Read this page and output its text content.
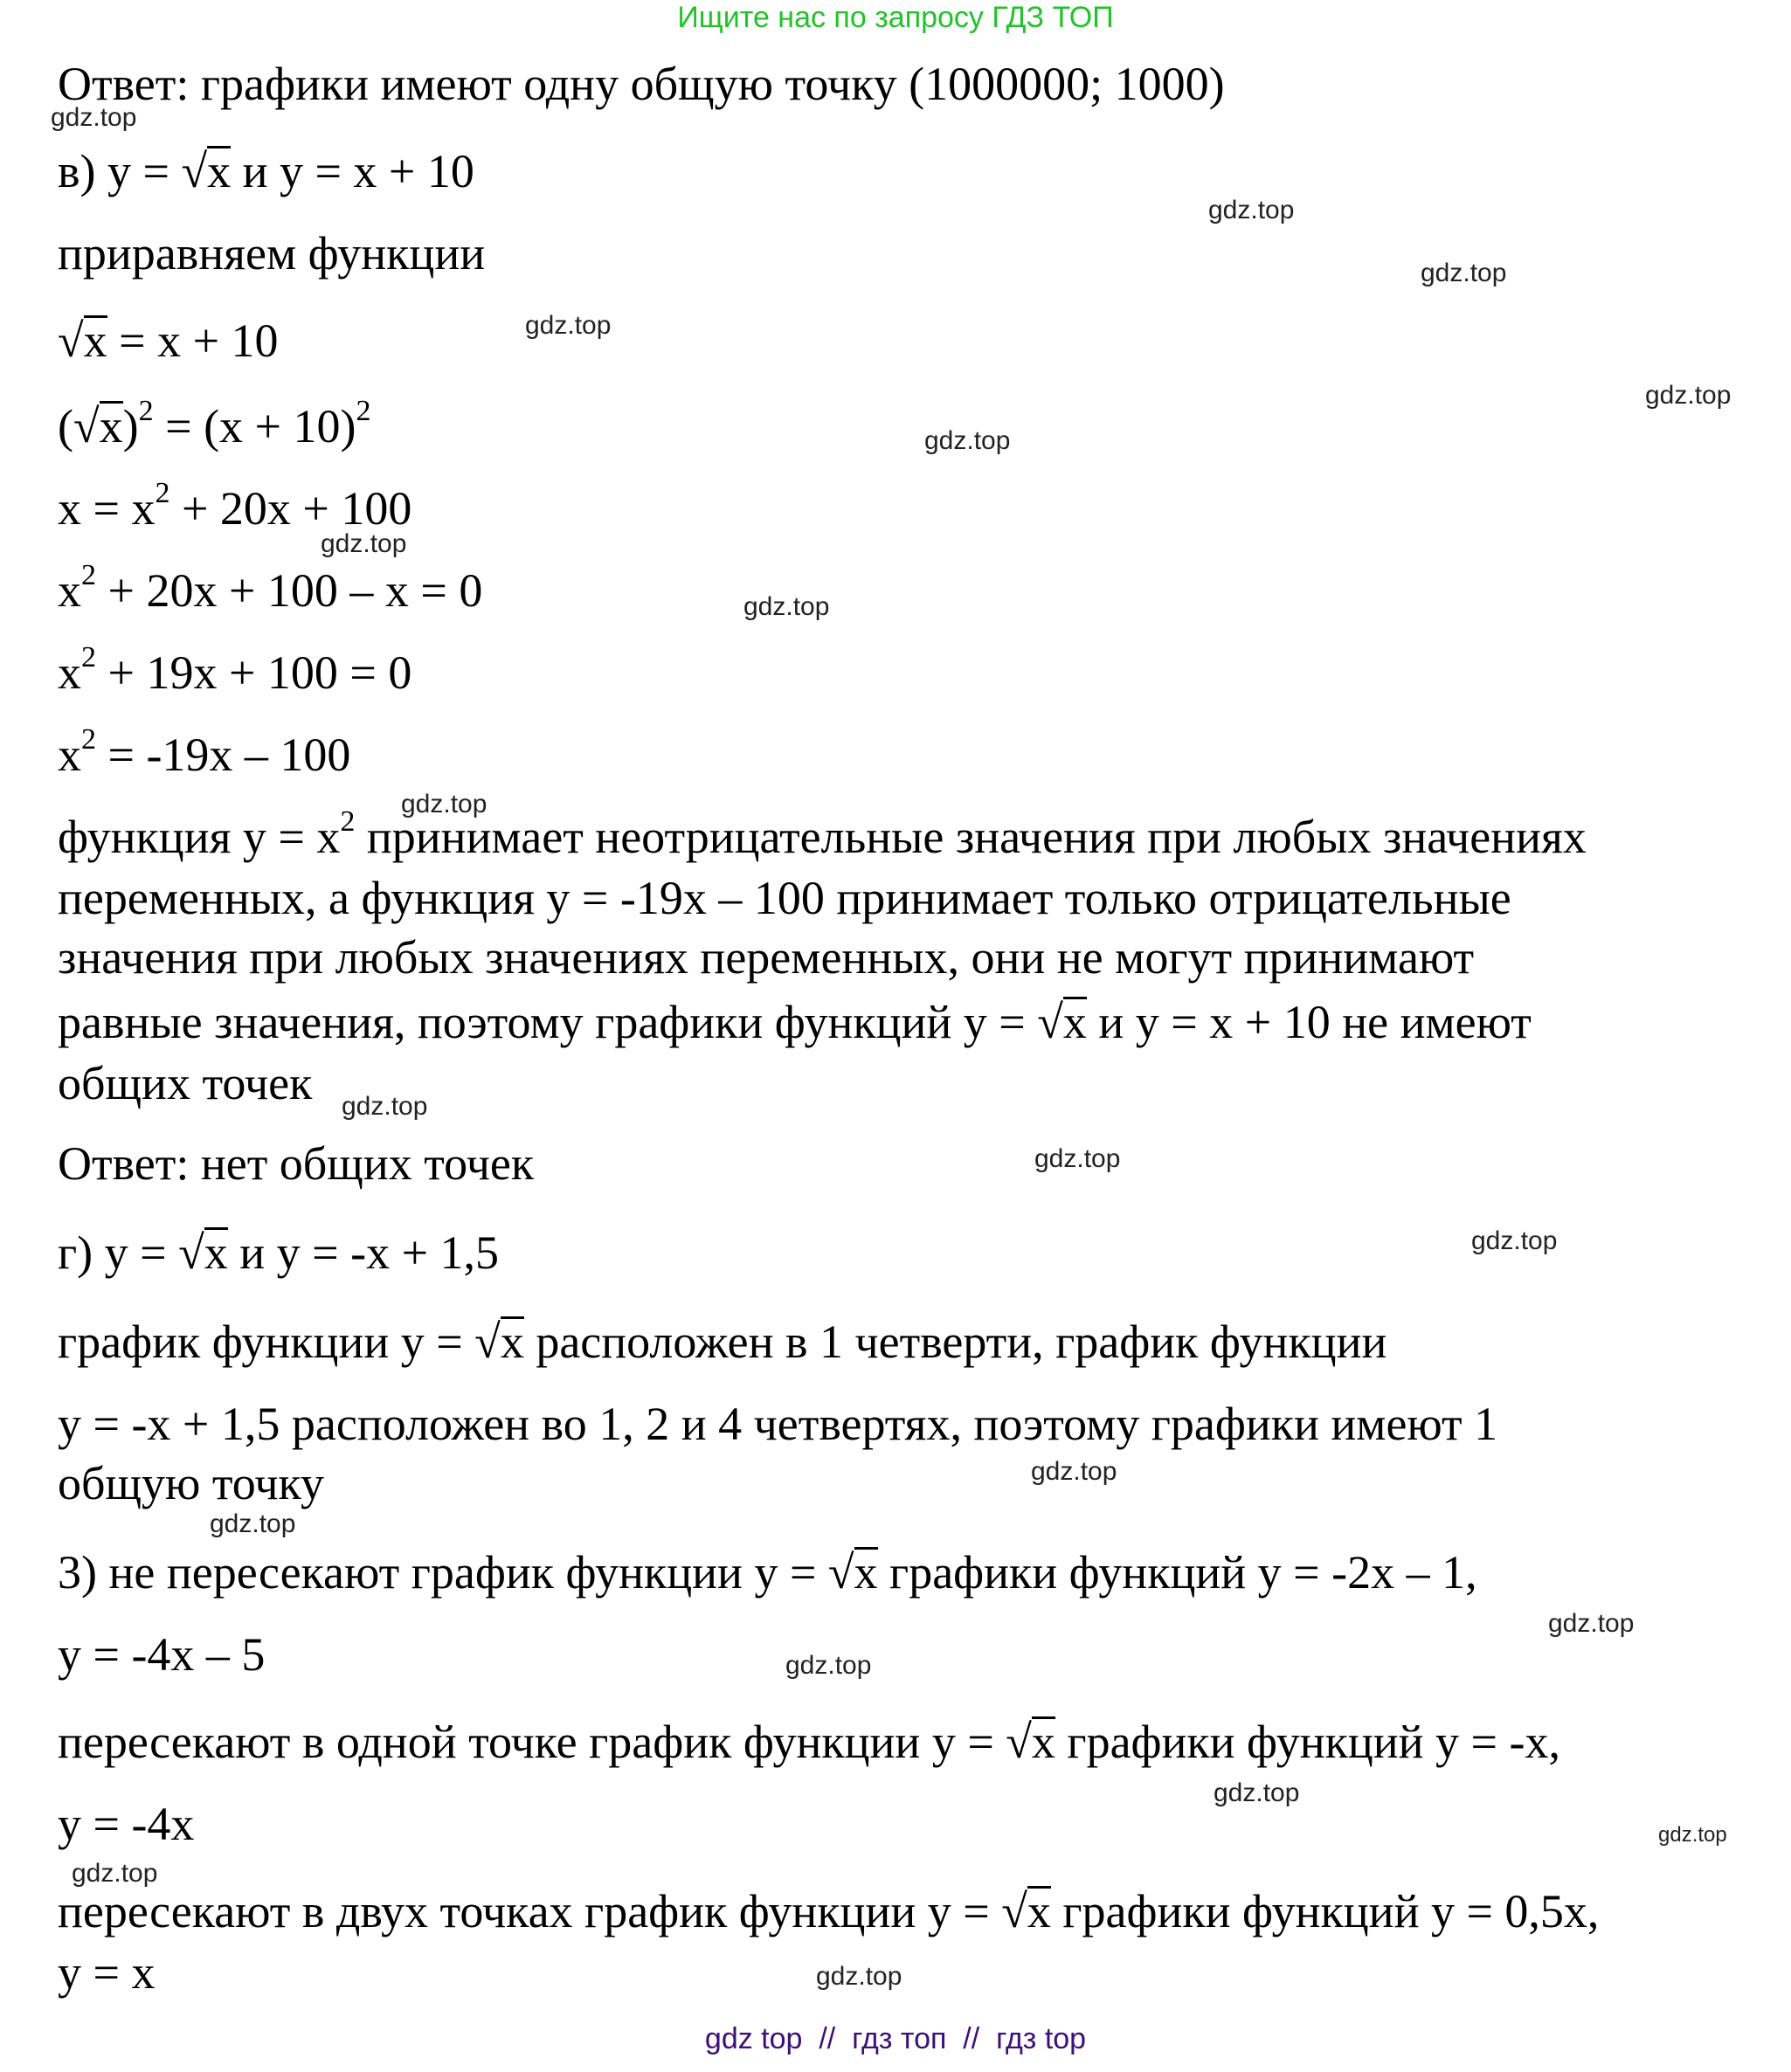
Ищите нас по запросу ГДЗ ТОП
Ответ: графики имеют одну общую точку (1000000; 1000)
в) y = √x и y = x + 10
приравняем функции
√x = x + 10
$(√x)^2 = (x + 10)^2$
$x = x^2 + 20x + 100$
$x^2 + 20x + 100 - x = 0$
$x^2 + 19x + 100 = 0$
$x^2 = -19x - 100$
функция $y = x^2$ принимает неотрицательные значения при любых значениях
переменных, а функция y = -19x – 100 принимает только отрицательные
значения при любых значениях переменных, они не могут принимают
равные значения, поэтому графики функций y = √x и y = x + 10 не имеют
общих точек
Ответ: нет общих точек
г) y = √x и y = -x + 1,5
график функции y = √x расположен в 1 четверти, график функции
y = -x + 1,5 расположен во 1, 2 и 4 четвертях, поэтому графики имеют 1
общую точку
3) не пересекают график функции y = √x графики функций y = -2x – 1,
y = -4x – 5
пересекают в одной точке график функции y = √x графики функций y = -x,
y = -4x
пересекают в двух точках график функции y = √x графики функций y = 0,5x,
y = x
gdz.top
gdz.top
gdz.top
gdz.top
gdz.top
gdz.top
gdz.top
gdz.top
gdz.top
gdz.top
gdz.top
gdz.top
gdz.top
gdz.top
gdz.top
gdz.top
gdz.top
gdz.top
gdz.top
gdz.top
gdz top  //  гдз топ  //  гдз top
